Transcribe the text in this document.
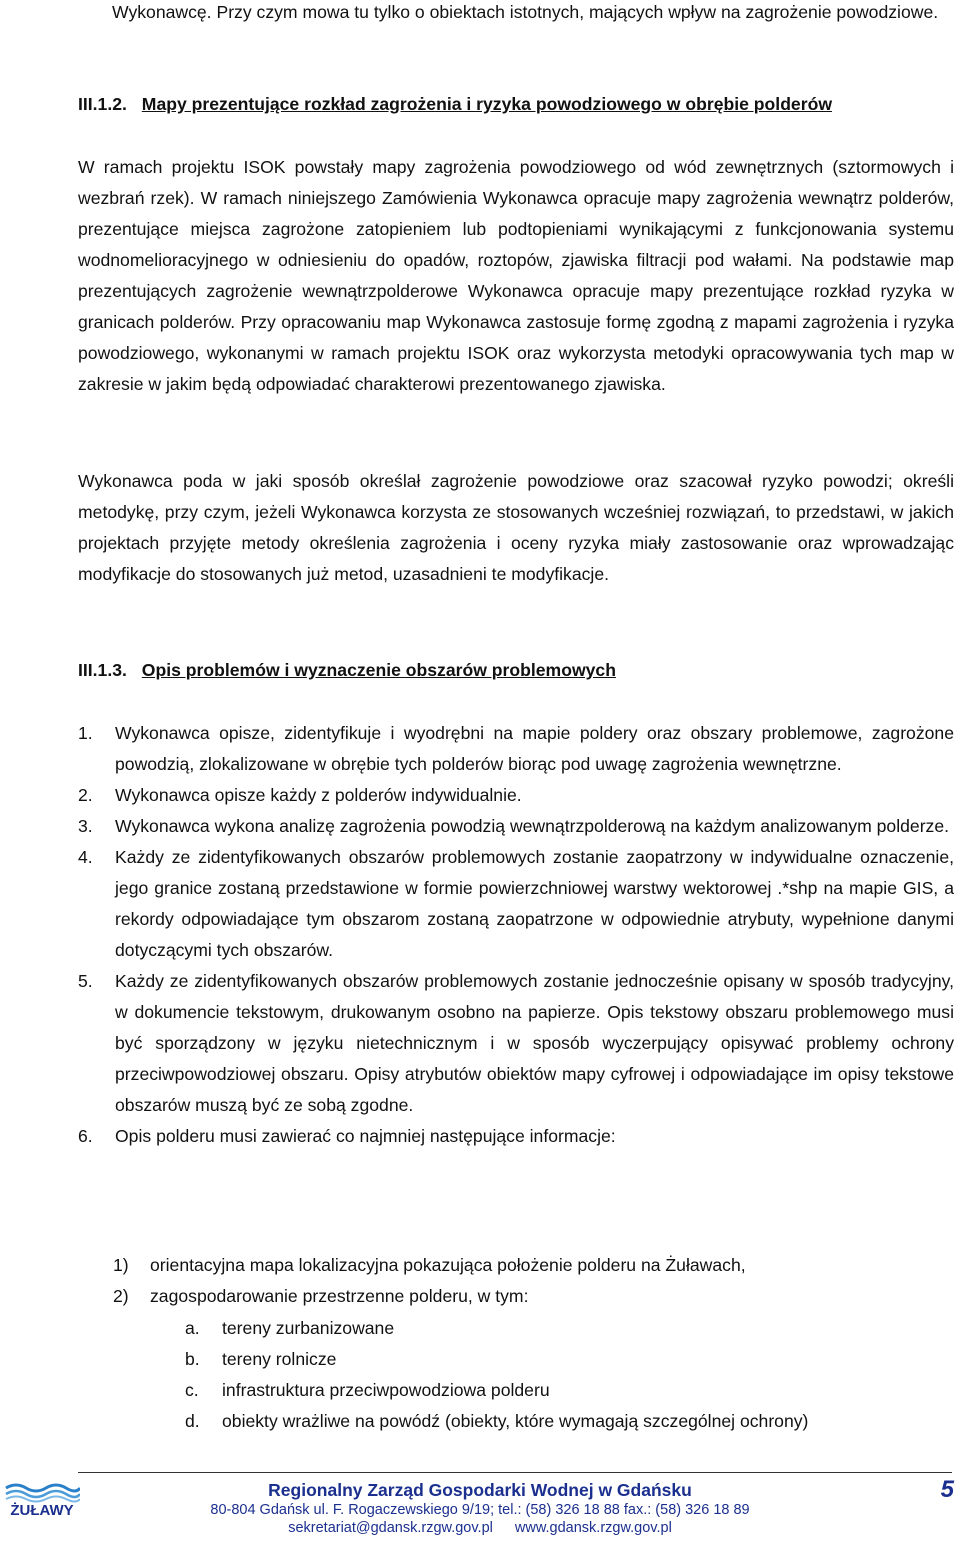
Wykonawcę. Przy czym mowa tu tylko o obiektach istotnych, mających wpływ na zagrożenie powodziowe.

III.1.2. Mapy prezentujące rozkład zagrożenia i ryzyka powodziowego w obrębie polderów

W ramach projektu ISOK powstały mapy zagrożenia powodziowego od wód zewnętrznych (sztormowych i wezbrań rzek). W ramach niniejszego Zamówienia Wykonawca opracuje mapy zagrożenia wewnątrz polderów, prezentujące miejsca zagrożone zatopieniem lub podtopieniami wynikającymi z funkcjonowania systemu wodnomelioracyjnego w odniesieniu do opadów, roztopów, zjawiska filtracji pod wałami. Na podstawie map prezentujących zagrożenie wewnątrzpolderowe Wykonawca opracuje mapy prezentujące rozkład ryzyka w granicach polderów. Przy opracowaniu map Wykonawca zastosuje formę zgodną z mapami zagrożenia i ryzyka powodziowego, wykonanymi w ramach projektu ISOK oraz wykorzysta metodyki opracowywania tych map w zakresie w jakim będą odpowiadać charakterowi prezentowanego zjawiska.

Wykonawca poda w jaki sposób określał zagrożenie powodziowe oraz szacował ryzyko powodzi; określi metodykę, przy czym, jeżeli Wykonawca korzysta ze stosowanych wcześniej rozwiązań, to przedstawi, w jakich projektach przyjęte metody określenia zagrożenia i oceny ryzyka miały zastosowanie oraz wprowadzając modyfikacje do stosowanych już metod, uzasadnieni te modyfikacje.

III.1.3. Opis problemów i wyznaczenie obszarów problemowych
1. Wykonawca opisze, zidentyfikuje i wyodrębni na mapie poldery oraz obszary problemowe, zagrożone powodzią, zlokalizowane w obrębie tych polderów biorąc pod uwagę zagrożenia wewnętrzne.
2. Wykonawca opisze każdy z polderów indywidualnie.
3. Wykonawca wykona analizę zagrożenia powodzią wewnątrzpolderową na każdym analizowanym polderze.
4. Każdy ze zidentyfikowanych obszarów problemowych zostanie zaopatrzony w indywidualne oznaczenie, jego granice zostaną przedstawione w formie powierzchniowej warstwy wektorowej .*shp na mapie GIS, a rekordy odpowiadające tym obszarom zostaną zaopatrzone w odpowiednie atrybuty, wypełnione danymi dotyczącymi tych obszarów.
5. Każdy ze zidentyfikowanych obszarów problemowych zostanie jednocześnie opisany w sposób tradycyjny, w dokumencie tekstowym, drukowanym osobno na papierze. Opis tekstowy obszaru problemowego musi być sporządzony w języku nietechnicznym i w sposób wyczerpujący opisywać problemy ochrony przeciwpowodziowej obszaru. Opisy atrybutów obiektów mapy cyfrowej i odpowiadające im opisy tekstowe obszarów muszą być ze sobą zgodne.
6. Opis polderu musi zawierać co najmniej następujące informacje:
1) orientacyjna mapa lokalizacyjna pokazująca położenie polderu na Żuławach,
2) zagospodarowanie przestrzenne polderu, w tym:
a. tereny zurbanizowane
b. tereny rolnicze
c. infrastruktura przeciwpowodziowa polderu
d. obiekty wrażliwe na powódź (obiekty, które wymagają szczególnej ochrony)
ŻUŁAWY
Regionalny Zarząd Gospodarki Wodnej w Gdańsku
80-804 Gdańsk ul. F. Rogaczewskiego 9/19; tel.: (58) 326 18 88 fax.: (58) 326 18 89
sekretariat@gdansk.rzgw.gov.pl www.gdansk.rzgw.gov.pl
5
